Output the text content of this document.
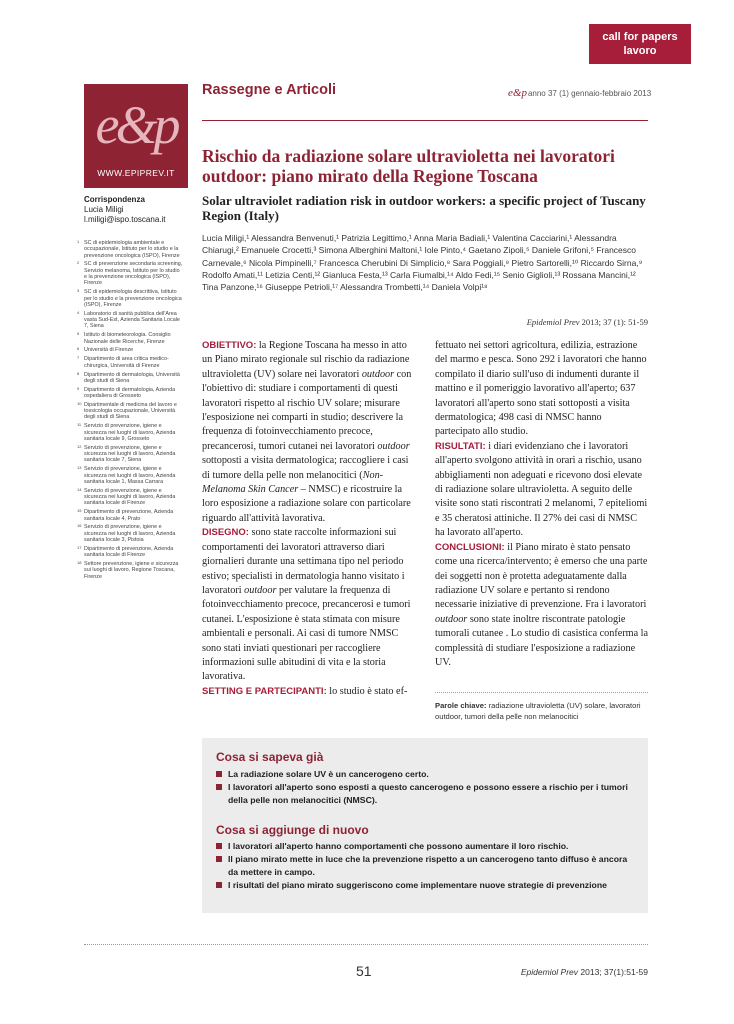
call for papers
lavoro
e&p
WWW.EPIPREV.IT
Rassegne e Articoli	e&panno 37 (1) gennaio-febbraio 2013
Corrispondenza
Lucia Miligi
l.miligi@ispo.toscana.it
1 SC di epidemiologia ambientale e occupazionale, Istituto per lo studio e la prevenzione oncologica (ISPO), Firenze
2 SC di prevenzione secondaria screening, Servizio melanoma, Istituto per lo studio e la prevenzione oncologica (ISPO), Firenze
3 SC di epidemiologia descrittiva, Istituto per lo studio e la prevenzione oncologica (ISPO), Firenze
4 Laboratorio di sanità pubblica dell'Area vasta Sud-Est, Azienda Sanitaria Locale 7, Siena
5 Istituto di biometeorologia. Consiglio Nazionale delle Ricerche, Firenze
6 Università di Firenze
7 Dipartimento di area critica medico-chirurgica, Università di Firenze
8 Dipartimento di dermatologia, Università degli studi di Siena
9 Dipartimento di dermatologia, Azienda ospedaliera di Grosseto
10 Dipartimentale di medicina del lavoro e tossicologia occupazionale, Università degli studi di Siena
11 Servizio di prevenzione, igiene e sicurezza nei luoghi di lavoro, Azienda sanitaria locale 9, Grosseto
12 Servizio di prevenzione, igiene e sicurezza nei luoghi di lavoro, Azienda sanitaria locale 7, Siena
13 Servizio di prevenzione, igiene e sicurezza nei luoghi di lavoro, Azienda sanitaria locale 1, Massa Carrara
14 Servizio di prevenzione, igiene e sicurezza nei luoghi di lavoro, Azienda sanitaria locale di Firenze
15 Dipartimento di prevenzione, Azienda sanitaria locale 4, Prato
16 Servizio di prevenzione, igiene e sicurezza nei luoghi di lavoro, Azienda sanitaria locale 3, Pistoia
17 Dipartimento di prevenzione, Azienda sanitaria locale di Firenze
18 Settore prevenzione, igiene e sicurezza sui luoghi di lavoro, Regione Toscana, Firenze
Rischio da radiazione solare ultravioletta nei lavoratori outdoor: piano mirato della Regione Toscana
Solar ultraviolet radiation risk in outdoor workers: a specific project of Tuscany Region (Italy)
Lucia Miligi,¹ Alessandra Benvenuti,¹ Patrizia Legittimo,¹ Anna Maria Badiali,¹ Valentina Cacciarini,¹ Alessandra Chiarugi,² Emanuele Crocetti,³ Simona Alberghini Maltoni,¹ Iole Pinto,⁴ Gaetano Zipoli,⁵ Daniele Grifoni,⁵ Francesco Carnevale,⁶ Nicola Pimpinelli,⁷ Francesca Cherubini Di Simplicio,⁸ Sara Poggiali,⁹ Pietro Sartorelli,¹⁰ Riccardo Sirna,⁹ Rodolfo Amati,¹¹ Letizia Centi,¹² Gianluca Festa,¹³ Carla Fiumalbi,¹⁴ Aldo Fedi,¹⁵ Senio Giglioli,¹³ Rossana Mancini,¹² Tina Panzone,¹⁶ Giuseppe Petrioli,¹⁷ Alessandra Trombetti,¹⁴ Daniela Volpi¹⁸
Epidemiol Prev 2013; 37 (1): 51-59

OBIETTIVO: la Regione Toscana ha messo in atto un Piano mirato regionale sul rischio da radiazione ultravioletta (UV) solare nei lavoratori outdoor con l'obiettivo di: studiare i comportamenti di questi lavoratori rispetto al rischio UV solare; misurare l'esposizione nei comparti in studio; descrivere la frequenza di fotoinvecchiamento precoce, precancerosi, tumori cutanei nei lavoratori outdoor sottoposti a visita dermatologica; raccogliere i casi di tumore della pelle non melanocitici (Non-Melanoma Skin Cancer – NMSC) e ricostruire la loro esposizione a radiazione solare con particolare riguardo all'attività lavorativa.

DISEGNO: sono state raccolte informazioni sui comportamenti dei lavoratori attraverso diari giornalieri durante una settimana tipo nel periodo estivo; specialisti in dermatologia hanno visitato i lavoratori outdoor per valutare la frequenza di fotoinvecchiamento precoce, precancerosi e tumori cutanei. L'esposizione è stata stimata con misure ambientali e personali. Ai casi di tumore NMSC sono stati inviati questionari per raccogliere informazioni sulle abitudini di vita e la storia lavorativa.

SETTING E PARTECIPANTI: lo studio è stato ef-

fettuato nei settori agricoltura, edilizia, estrazione del marmo e pesca. Sono 292 i lavoratori che hanno compilato il diario sull'uso di indumenti durante il mattino e il pomeriggio lavorativo all'aperto; 637 lavoratori all'aperto sono stati sottoposti a visita dermatologica; 498 casi di NMSC hanno partecipato allo studio.

RISULTATI: i diari evidenziano che i lavoratori all'aperto svolgono attività in orari a rischio, usano abbigliamenti non adeguati e ricevono dosi elevate di radiazione solare ultravioletta. A seguito delle visite sono stati riscontrati 2 melanomi, 7 epiteliomi e 35 cheratosi attiniche. Il 27% dei casi di NMSC ha lavorato all'aperto.

CONCLUSIONI: il Piano mirato è stato pensato come una ricerca/intervento; è emerso che una parte dei soggetti non è protetta adeguatamente dalla radiazione UV solare e pertanto si rendono necessarie iniziative di prevenzione. Fra i lavoratori outdoor sono state inoltre riscontrate patologie tumorali cutanee . Lo studio di casistica conferma la complessità di studiare l'esposizione a radiazione UV.

Parole chiave: radiazione ultravioletta (UV) solare, lavoratori outdoor, tumori della pelle non melanocitici
Cosa si sapeva già
La radiazione solare UV è un cancerogeno certo.
I lavoratori all'aperto sono esposti a questo cancerogeno e possono essere a rischio per i tumori della pelle non melanocitici (NMSC).
Cosa si aggiunge di nuovo
I lavoratori all'aperto hanno comportamenti che possono aumentare il loro rischio.
Il piano mirato mette in luce che la prevenzione rispetto a un cancerogeno tanto diffuso è ancora da mettere in campo.
I risultati del piano mirato suggeriscono come implementare nuove strategie di prevenzione
51	Epidemiol Prev 2013; 37(1):51-59
